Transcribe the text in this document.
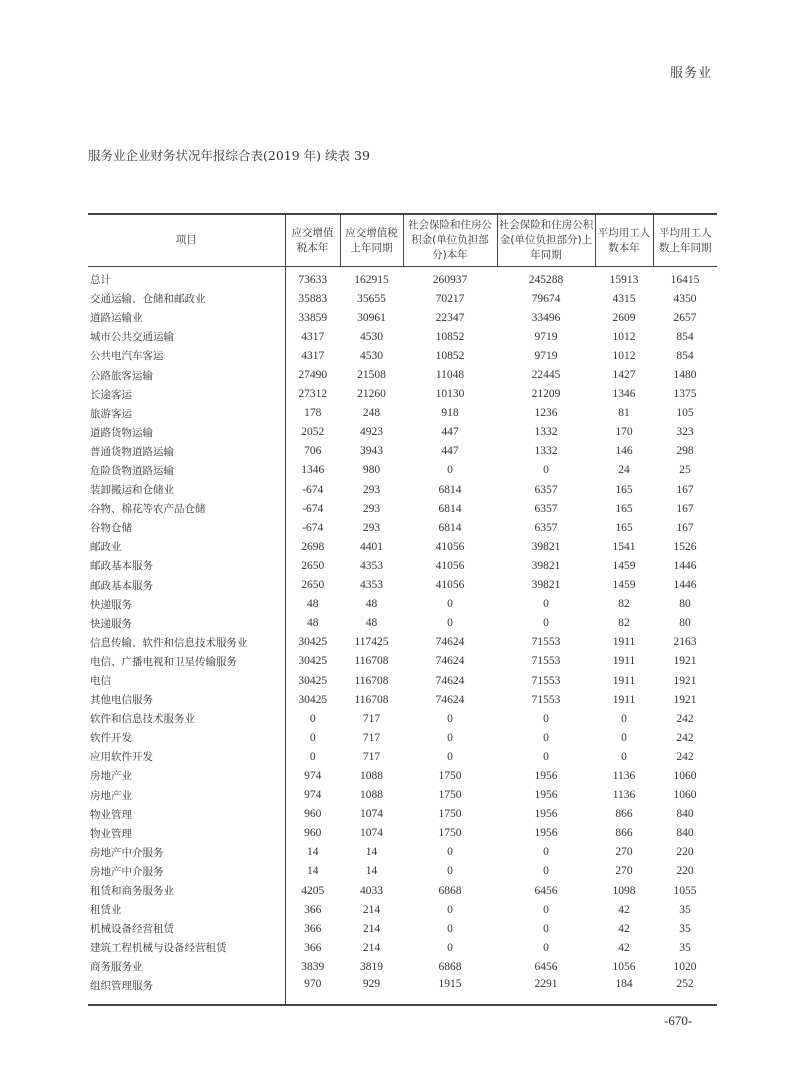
服务业
服务业企业财务状况年报综合表(2019 年) 续表 39
项目	应交增值税本年	应交增值税上年同期	社会保险和住房公积金(单位负担部分)本年	社会保险和住房公积金(单位负担部分)上年同期	平均用工人数本年	平均用工人数上年同期
总计	73633	162915	260937	245288	15913	16415
交通运输、仓储和邮政业	35883	35655	70217	79674	4315	4350
道路运输业	33859	30961	22347	33496	2609	2657
城市公共交通运输	4317	4530	10852	9719	1012	854
公共电汽车客运	4317	4530	10852	9719	1012	854
公路旅客运输	27490	21508	11048	22445	1427	1480
长途客运	27312	21260	10130	21209	1346	1375
旅游客运	178	248	918	1236	81	105
道路货物运输	2052	4923	447	1332	170	323
普通货物道路运输	706	3943	447	1332	146	298
危险货物道路运输	1346	980	0	0	24	25
装卸搬运和仓储业	-674	293	6814	6357	165	167
谷物、棉花等农产品仓储	-674	293	6814	6357	165	167
谷物仓储	-674	293	6814	6357	165	167
邮政业	2698	4401	41056	39821	1541	1526
邮政基本服务	2650	4353	41056	39821	1459	1446
邮政基本服务	2650	4353	41056	39821	1459	1446
快递服务	48	48	0	0	82	80
快递服务	48	48	0	0	82	80
信息传输、软件和信息技术服务业	30425	117425	74624	71553	1911	2163
电信、广播电视和卫星传输服务	30425	116708	74624	71553	1911	1921
电信	30425	116708	74624	71553	1911	1921
其他电信服务	30425	116708	74624	71553	1911	1921
软件和信息技术服务业	0	717	0	0	0	242
软件开发	0	717	0	0	0	242
应用软件开发	0	717	0	0	0	242
房地产业	974	1088	1750	1956	1136	1060
房地产业	974	1088	1750	1956	1136	1060
物业管理	960	1074	1750	1956	866	840
物业管理	960	1074	1750	1956	866	840
房地产中介服务	14	14	0	0	270	220
房地产中介服务	14	14	0	0	270	220
租赁和商务服务业	4205	4033	6868	6456	1098	1055
租赁业	366	214	0	0	42	35
机械设备经营租赁	366	214	0	0	42	35
建筑工程机械与设备经营租赁	366	214	0	0	42	35
商务服务业	3839	3819	6868	6456	1056	1020
组织管理服务	970	929	1915	2291	184	252
-670-
